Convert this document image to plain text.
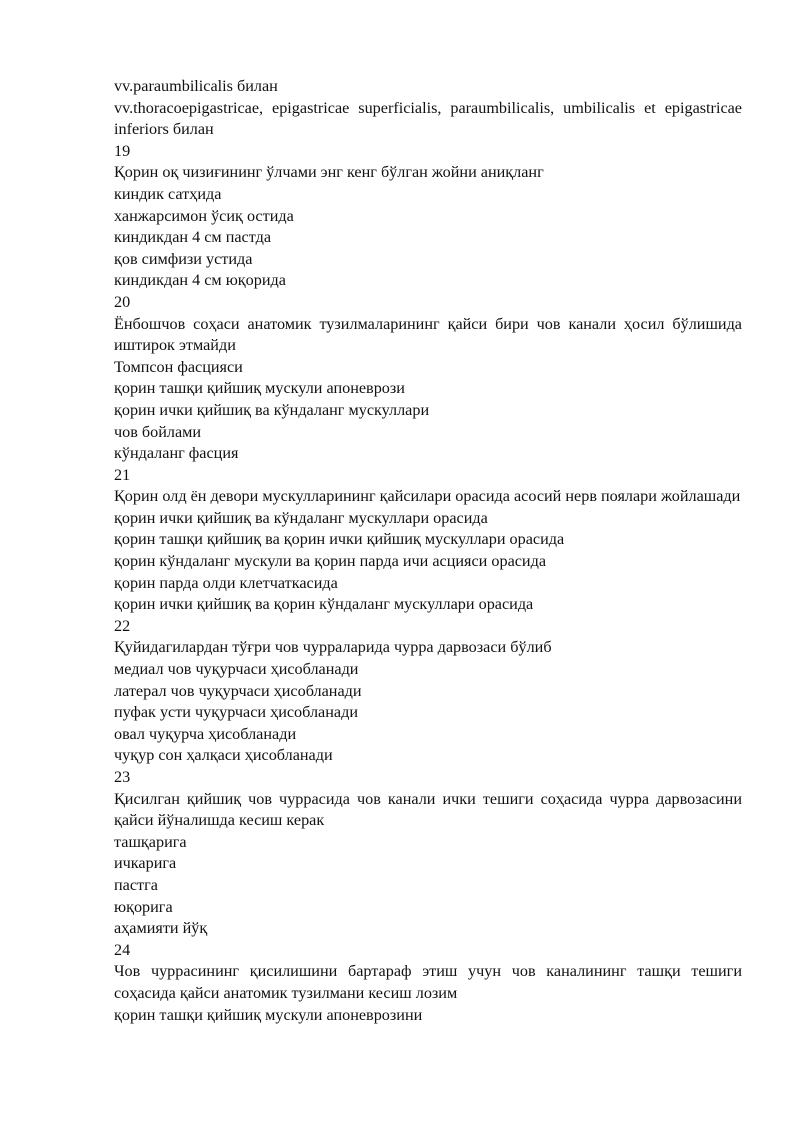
vv.paraumbilicalis билан
vv.thoracoepigastricae, epigastricae superficialis, paraumbilicalis, umbilicalis et epigastricae inferiors билан
19
Қорин оқ чизиғининг ўлчами энг кенг бўлган жойни аниқланг
киндик сатҳида
ханжарсимон ўсиқ остида
киндикдан 4 см пастда
қов симфизи устида
киндикдан 4 см юқорида
20
Ёнбошчов соҳаси анатомик тузилмаларининг қайси бири чов канали ҳосил бўлишида иштирок этмайди
Томпсон фасцияси
қорин ташқи қийшиқ мускули апоневрози
қорин ички қийшиқ ва кўндаланг мускуллари
чов бойлами
кўндаланг фасция
21
Қорин олд ён девори мускулларининг қайсилари орасида асосий нерв поялари жойлашади
қорин ички қийшиқ ва кўндаланг мускуллари орасида
қорин ташқи қийшиқ ва қорин ички қийшиқ мускуллари орасида
қорин кўндаланг мускули ва қорин парда ичи асцияси орасида
қорин парда олди клетчаткасида
қорин ички қийшиқ ва қорин кўндаланг мускуллари орасида
22
Қуйидагилардан тўғри чов чурраларида чурра дарвозаси бўлиб
медиал чов чуқурчаси ҳисобланади
латерал чов чуқурчаси ҳисобланади
пуфак усти чуқурчаси ҳисобланади
овал чуқурча ҳисобланади
чуқур сон ҳалқаси ҳисобланади
23
Қисилган қийшиқ чов чуррасида чов канали ички тешиги соҳасида чурра дарвозасини қайси йўналишда кесиш керак
ташқарига
ичкарига
пастга
юқорига
аҳамияти йўқ
24
Чов чуррасининг қисилишини бартараф этиш учун чов каналининг ташқи тешиги соҳасида қайси анатомик тузилмани кесиш лозим
қорин ташқи қийшиқ мускули апоневрозини
